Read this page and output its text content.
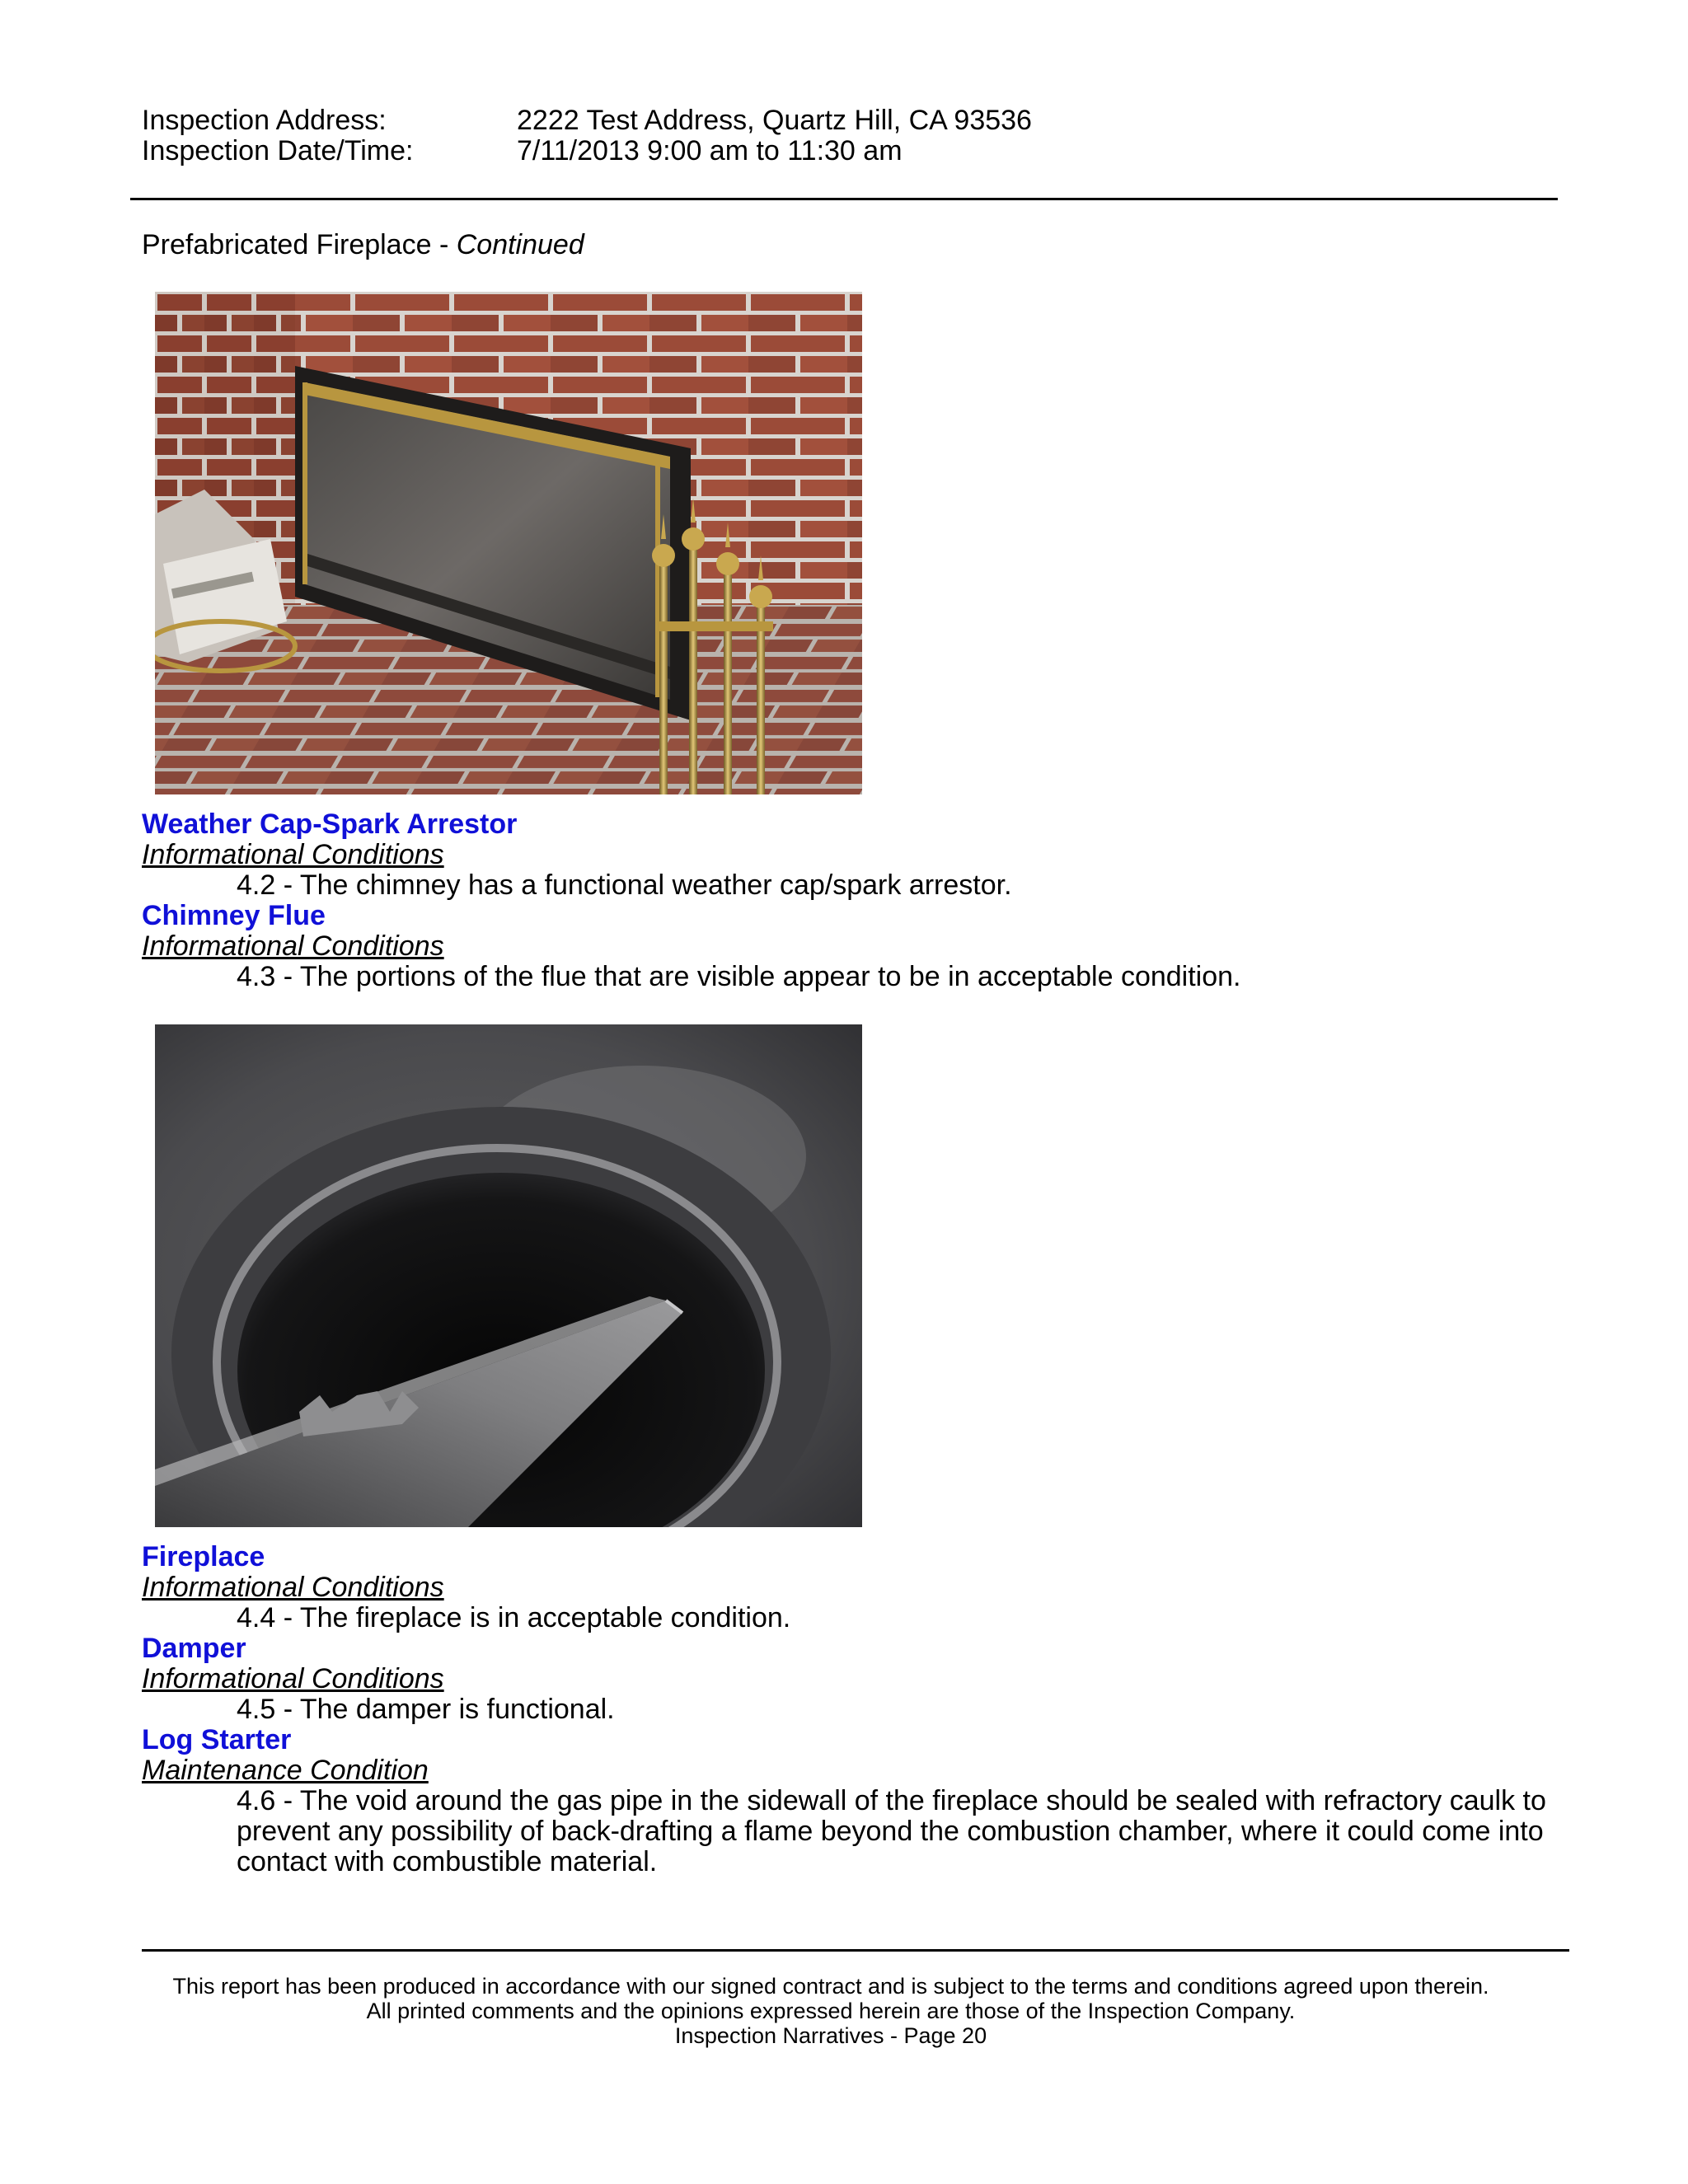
Inspection Address:	2222 Test Address, Quartz Hill, CA 93536
Inspection Date/Time:	7/11/2013 9:00 am to 11:30 am
Prefabricated Fireplace - Continued
Weather Cap-Spark Arrestor
Informational Conditions
4.2 - The chimney has a functional weather cap/spark arrestor.
Chimney Flue
Informational Conditions
4.3 - The portions of the flue that are visible appear to be in acceptable condition.
Fireplace
Informational Conditions
4.4 - The fireplace is in acceptable condition.
Damper
Informational Conditions
4.5 - The damper is functional.
Log Starter
Maintenance Condition
4.6 - The void around the gas pipe in the sidewall of the fireplace should be sealed with refractory caulk to prevent any possibility of back-drafting a flame beyond the combustion chamber, where it could come into contact with combustible material.
This report has been produced in accordance with our signed contract and is subject to the terms and conditions agreed upon therein.
All printed comments and the opinions expressed herein are those of the Inspection Company.
Inspection Narratives - Page 20
